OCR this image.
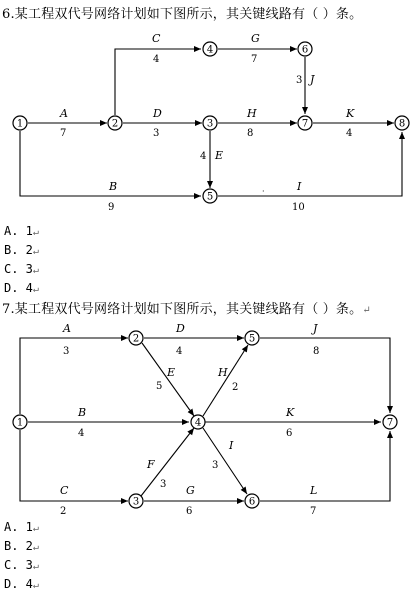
6.某工程双代号网络计划如下图所示，其关键线路有（ ）条。
·
A
7
D
3
H
8
K
4
C
4
G
7
3 J
4 E
B
9
I
10
1	2	3
4
5
6
7	8
A. 1↵
B. 2↵
C. 3↵
D. 4↵
7.某工程双代号网络计划如下图所示，其关键线路有（ ）条。↵
A
3
B
4
C
2
D
4
E
5
F
3 G
6
H
2
I
3
J
8
K
6
L
7
1
2
3
4
5
6
7
A. 1↵
B. 2↵
C. 3↵
D. 4↵
